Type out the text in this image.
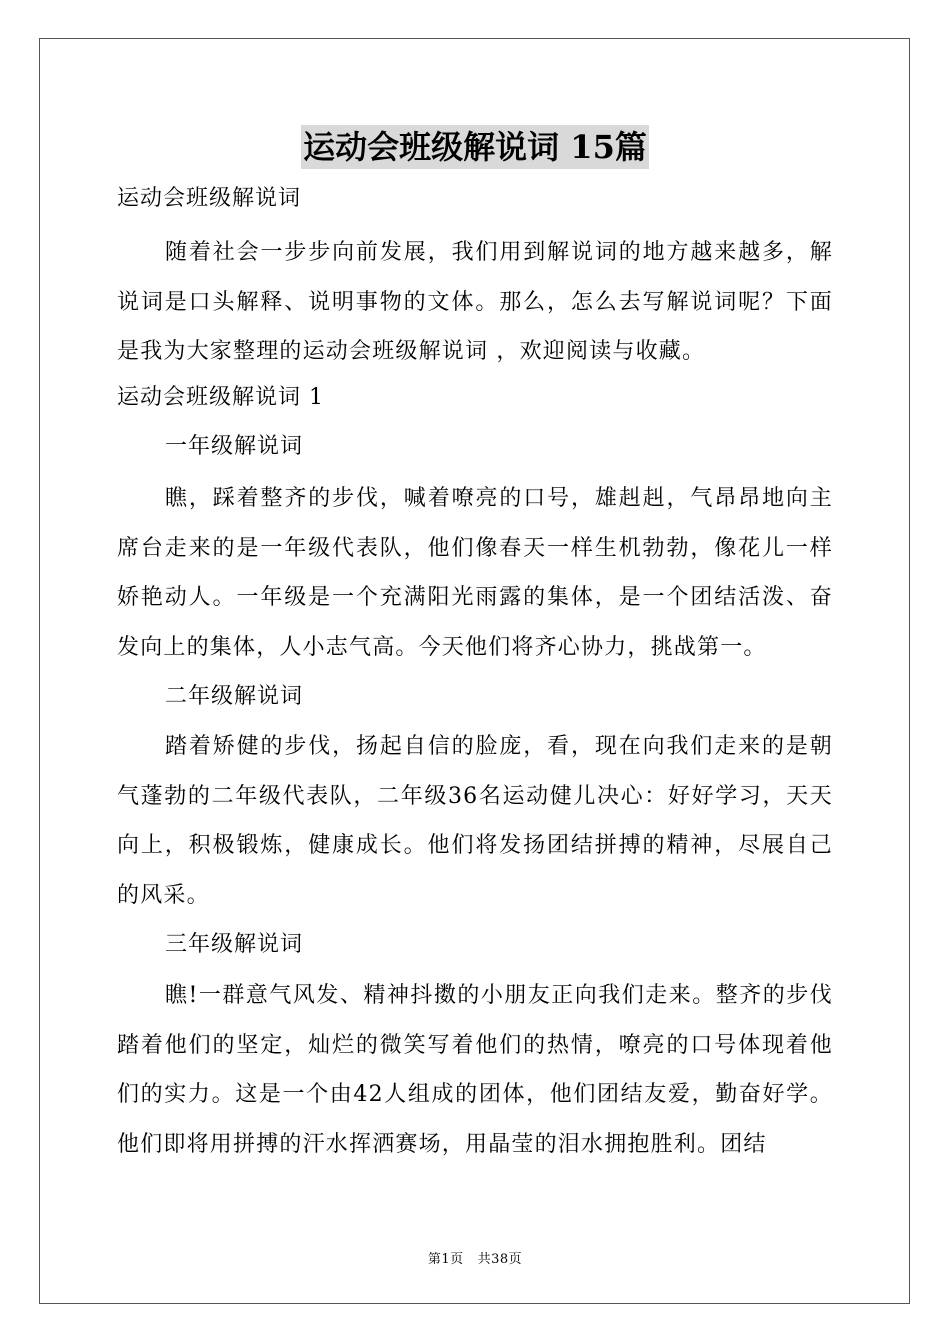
运动会班级解说词 15篇
运动会班级解说词
随着社会一步步向前发展，我们用到解说词的地方越来越多，解说词是口头解释、说明事物的文体。那么，怎么去写解说词呢？下面是我为大家整理的运动会班级解说词 ，欢迎阅读与收藏。
运动会班级解说词 1
一年级解说词
瞧，踩着整齐的步伐，喊着嘹亮的口号，雄赳赳，气昂昂地向主席台走来的是一年级代表队，他们像春天一样生机勃勃，像花儿一样娇艳动人。一年级是一个充满阳光雨露的集体，是一个团结活泼、奋发向上的集体，人小志气高。今天他们将齐心协力，挑战第一。
二年级解说词
踏着矫健的步伐，扬起自信的脸庞，看，现在向我们走来的是朝气蓬勃的二年级代表队，二年级36名运动健儿决心：好好学习，天天向上，积极锻炼，健康成长。他们将发扬团结拼搏的精神，尽展自己的风采。
三年级解说词
瞧!一群意气风发、精神抖擞的小朋友正向我们走来。整齐的步伐踏着他们的坚定，灿烂的微笑写着他们的热情，嘹亮的口号体现着他们的实力。这是一个由42人组成的团体，他们团结友爱，勤奋好学。他们即将用拼搏的汗水挥洒赛场，用晶莹的泪水拥抱胜利。团结
第1页 共38页
